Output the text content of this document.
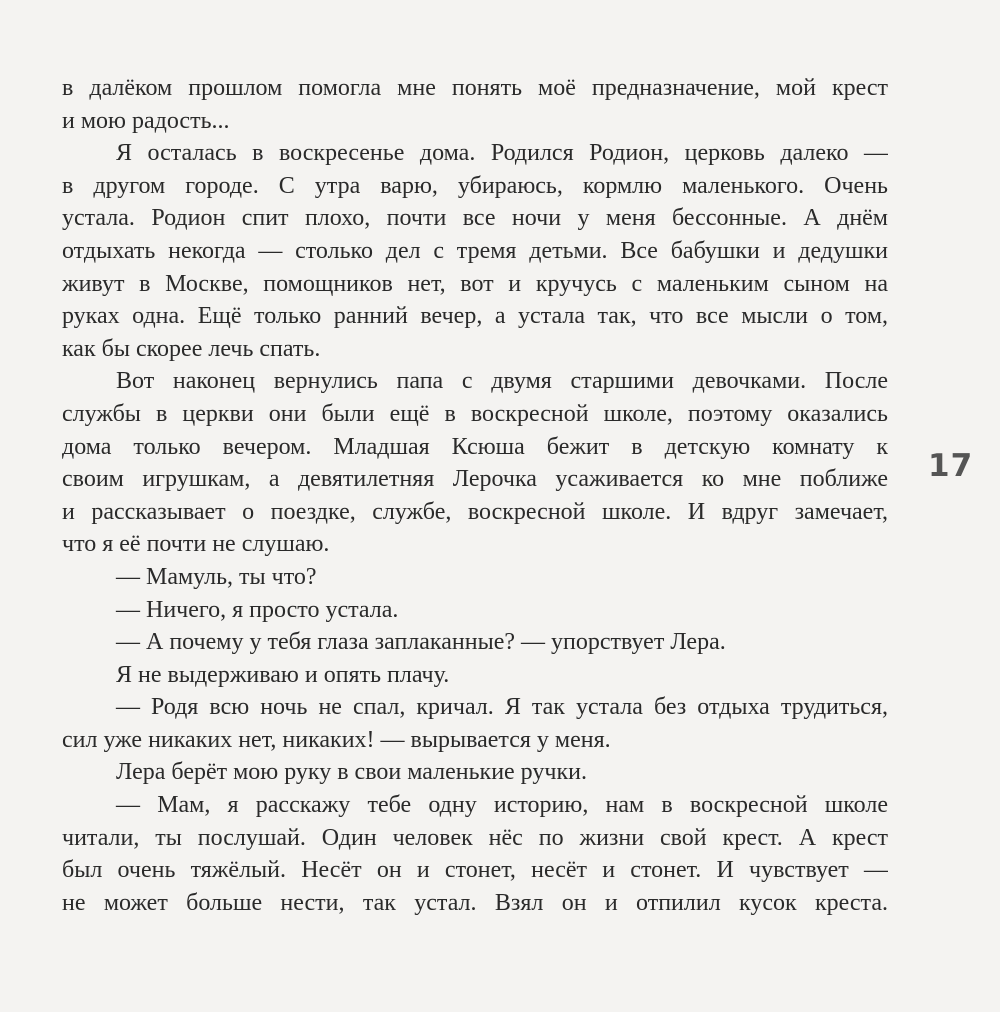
в далёком прошлом помогла мне понять моё предназначение, мой крест
и мою радость...
Я осталась в воскресенье дома. Родился Родион, церковь далеко —
в другом городе. С утра варю, убираюсь, кормлю маленького. Очень
устала. Родион спит плохо, почти все ночи у меня бессонные. А днём
отдыхать некогда — столько дел с тремя детьми. Все бабушки и дедушки
живут в Москве, помощников нет, вот и кручусь с маленьким сыном на
руках одна. Ещё только ранний вечер, а устала так, что все мысли о том,
как бы скорее лечь спать.
Вот наконец вернулись папа с двумя старшими девочками. После
службы в церкви они были ещё в воскресной школе, поэтому оказались
дома только вечером. Младшая Ксюша бежит в детскую комнату к
своим игрушкам, а девятилетняя Лерочка усаживается ко мне поближе
и рассказывает о поездке, службе, воскресной школе. И вдруг замечает,
что я её почти не слушаю.
— Мамуль, ты что?
— Ничего, я просто устала.
— А почему у тебя глаза заплаканные? — упорствует Лера.
Я не выдерживаю и опять плачу.
— Родя всю ночь не спал, кричал. Я так устала без отдыха трудиться,
сил уже никаких нет, никаких! — вырывается у меня.
Лера берёт мою руку в свои маленькие ручки.
— Мам, я расскажу тебе одну историю, нам в воскресной школе
читали, ты послушай. Один человек нёс по жизни свой крест. А крест
был очень тяжёлый. Несёт он и стонет, несёт и стонет. И чувствует —
не может больше нести, так устал. Взял он и отпилил кусок креста.
17
